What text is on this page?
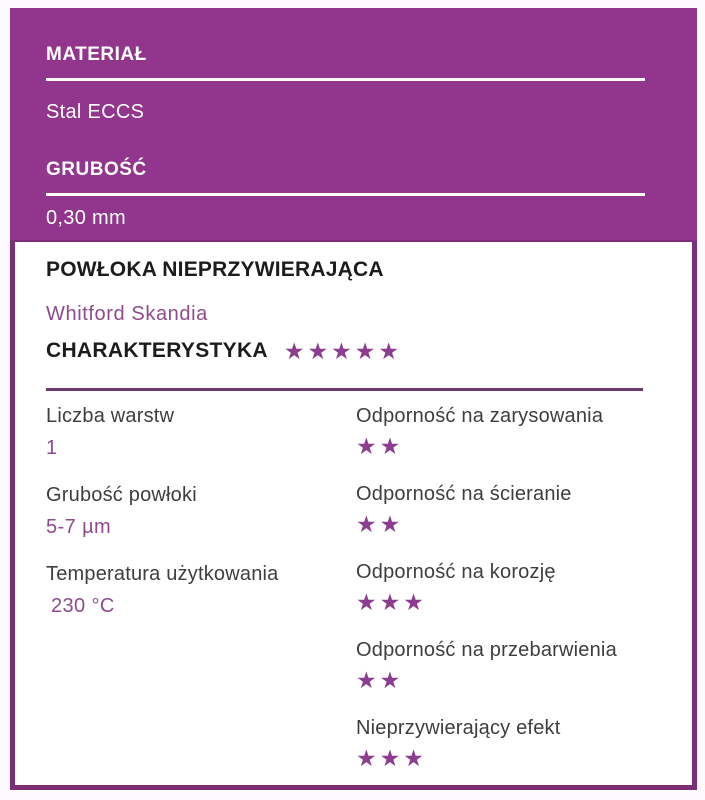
MATERIAŁ
Stal ECCS
GRUBOŚĆ
0,30 mm
POWŁOKA NIEPRZYWIERAJĄCA
Whitford Skandia
CHARAKTERYSTYKA ★★★★★
Liczba warstw
1
Grubość powłoki
5-7 µm
Temperatura użytkowania
230 °C
Odporność na zarysowania
★★
Odporność na ścieranie
★★
Odporność na korozję
★★★
Odporność na przebarwienia
★★
Nieprzywierający efekt
★★★
